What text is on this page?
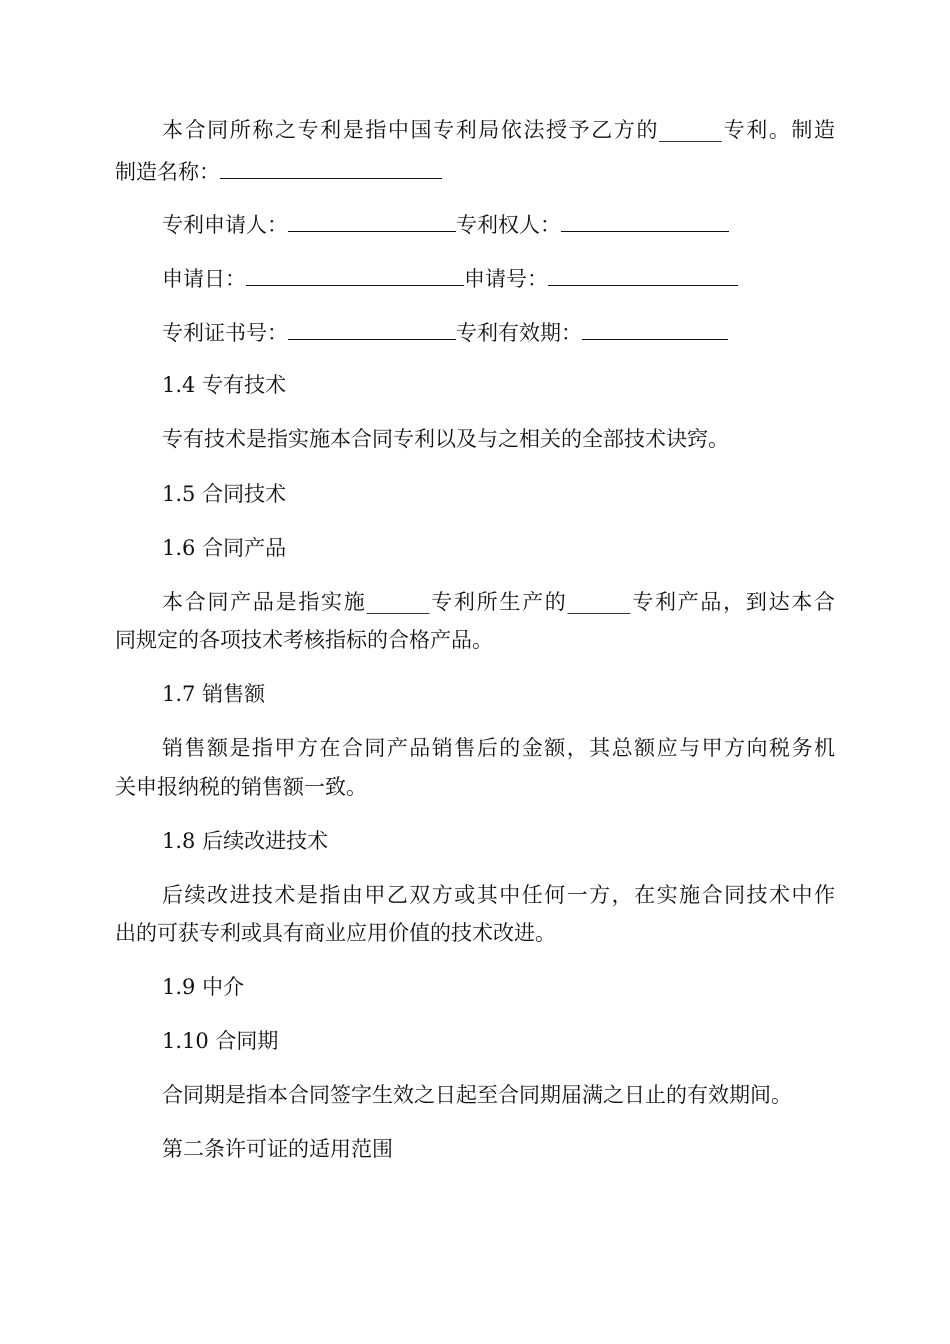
本合同所称之专利是指中国专利局依法授予乙方的______专利。制造
制造名称：
专利申请人：	专利权人：
申请日：	申请号：
专利证书号：	专利有效期：
1.4 专有技术
专有技术是指实施本合同专利以及与之相关的全部技术诀窍。
1.5 合同技术
1.6 合同产品
本合同产品是指实施______专利所生产的______专利产品，到达本合
同规定的各项技术考核指标的合格产品。
1.7 销售额
销售额是指甲方在合同产品销售后的金额，其总额应与甲方向税务机
关申报纳税的销售额一致。
1.8 后续改进技术
后续改进技术是指由甲乙双方或其中任何一方，在实施合同技术中作
出的可获专利或具有商业应用价值的技术改进。
1.9 中介
1.10 合同期
合同期是指本合同签字生效之日起至合同期届满之日止的有效期间。
第二条许可证的适用范围
